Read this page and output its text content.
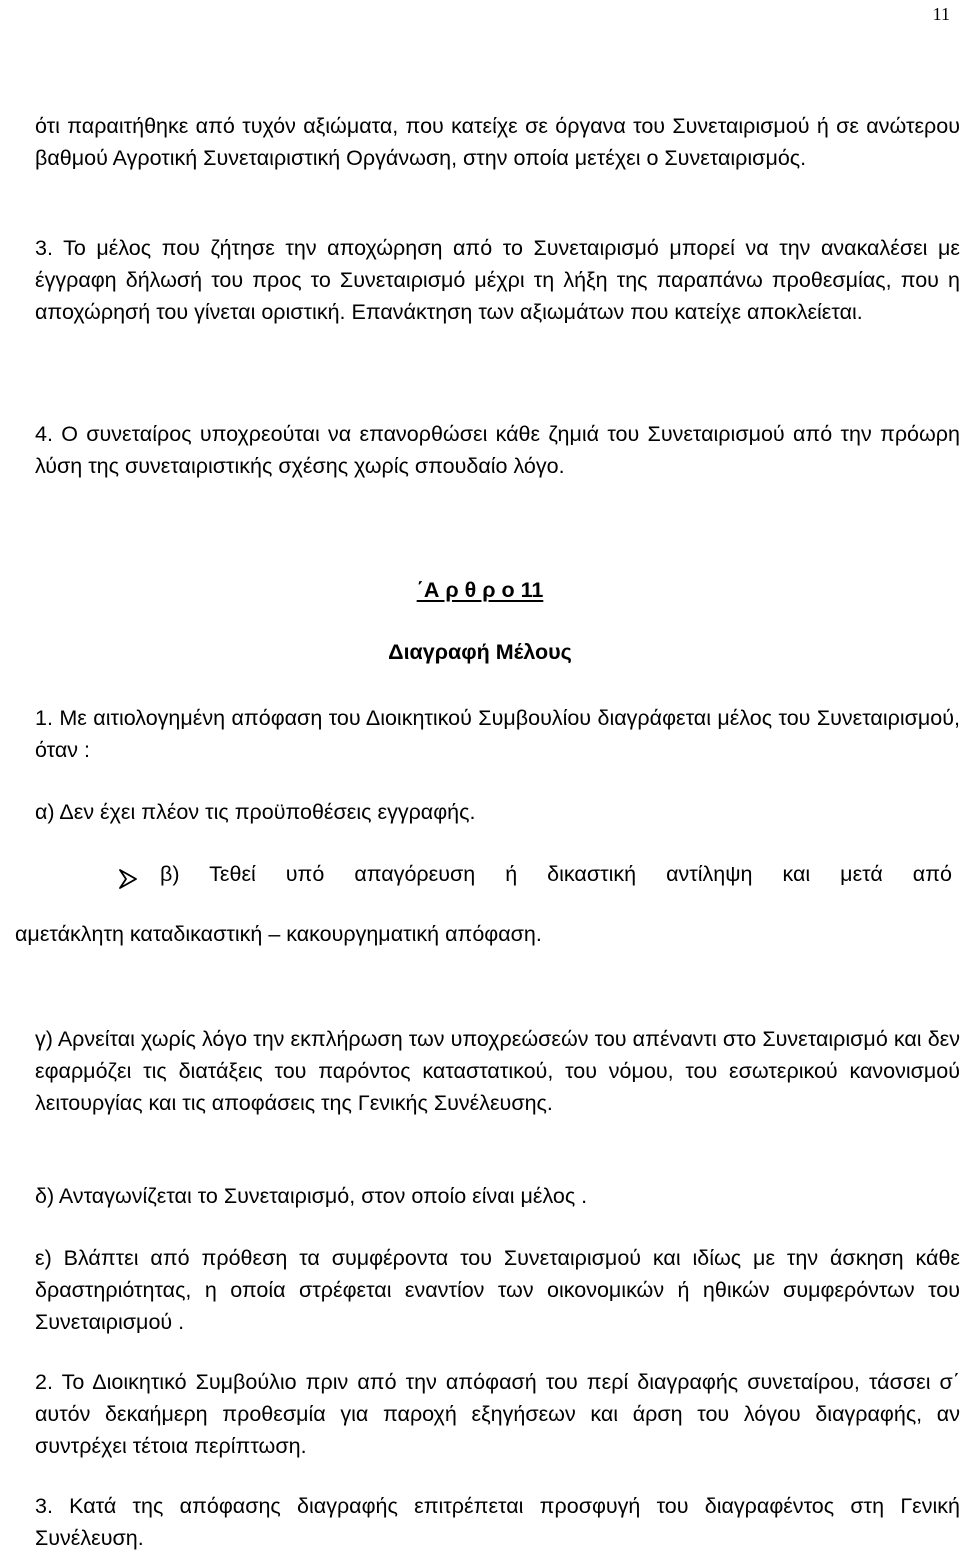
11

ότι παραιτήθηκε από τυχόν αξιώματα, που κατείχε σε όργανα του Συνεταιρισμού ή σε ανώτερου βαθμού Αγροτική Συνεταιριστική Οργάνωση, στην οποία μετέχει ο Συνεταιρισμός.

3. Το μέλος που ζήτησε την αποχώρηση από το Συνεταιρισμό μπορεί να την ανακαλέσει με έγγραφη δήλωσή του προς το Συνεταιρισμό μέχρι τη λήξη της παραπάνω προθεσμίας, που η αποχώρησή του γίνεται οριστική. Επανάκτηση των αξιωμάτων που κατείχε αποκλείεται.

4. Ο συνεταίρος υποχρεούται να επανορθώσει κάθε ζημιά του Συνεταιρισμού από την πρόωρη λύση της συνεταιριστικής σχέσης χωρίς σπουδαίο λόγο.

΄Α ρ θ ρ ο 11

Διαγραφή Μέλους

1. Με αιτιολογημένη απόφαση του Διοικητικού Συμβουλίου διαγράφεται μέλος του Συνεταιρισμού, όταν :

α) Δεν έχει πλέον τις προϋποθέσεις εγγραφής.

β) Τεθεί υπό απαγόρευση ή δικαστική αντίληψη και μετά από

αμετάκλητη καταδικαστική – κακουργηματική απόφαση.

γ) Αρνείται χωρίς λόγο την εκπλήρωση των υποχρεώσεών του απέναντι στο Συνεταιρισμό και δεν εφαρμόζει τις διατάξεις του παρόντος καταστατικού, του νόμου, του εσωτερικού κανονισμού λειτουργίας και τις αποφάσεις της Γενικής Συνέλευσης.

δ) Ανταγωνίζεται το Συνεταιρισμό, στον οποίο είναι μέλος .

ε) Βλάπτει από πρόθεση τα συμφέροντα του Συνεταιρισμού και ιδίως με την άσκηση κάθε δραστηριότητας, η οποία στρέφεται εναντίον των οικονομικών ή ηθικών συμφερόντων του Συνεταιρισμού .

2. Το Διοικητικό Συμβούλιο πριν από την απόφασή του περί διαγραφής συνεταίρου, τάσσει σ΄ αυτόν δεκαήμερη προθεσμία για παροχή εξηγήσεων και άρση του λόγου διαγραφής, αν συντρέχει τέτοια περίπτωση.

3. Κατά της απόφασης διαγραφής επιτρέπεται προσφυγή του διαγραφέντος στη Γενική Συνέλευση.
